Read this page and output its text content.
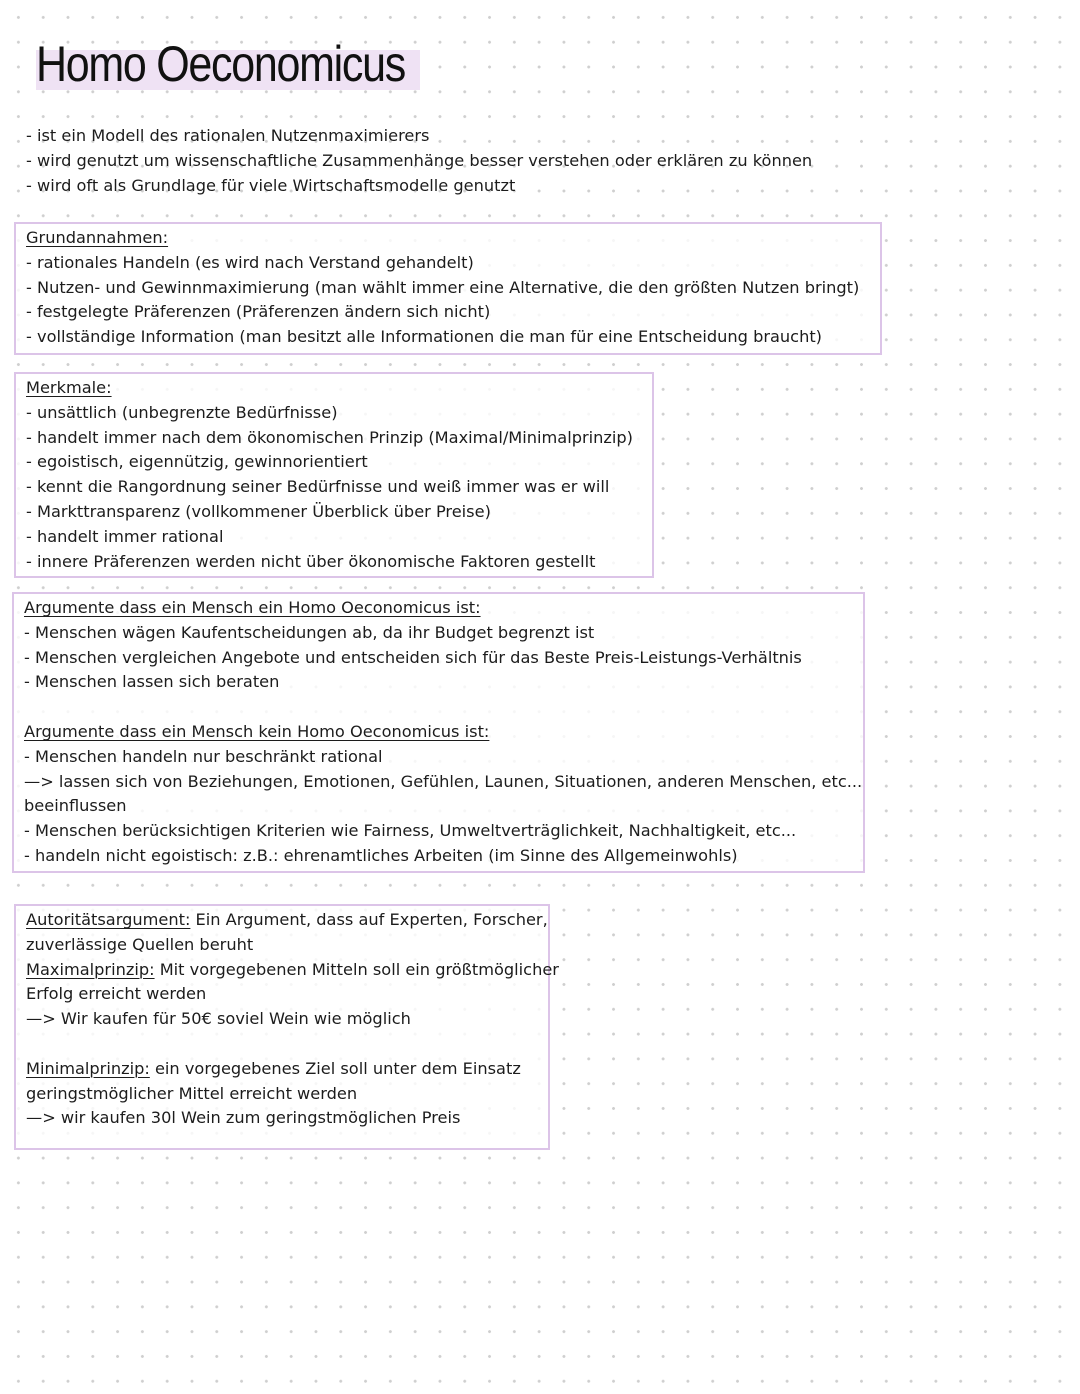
Homo Oeconomicus
- ist ein Modell des rationalen Nutzenmaximierers
- wird genutzt um wissenschaftliche Zusammenhänge besser verstehen oder erklären zu können
- wird oft als Grundlage für viele Wirtschaftsmodelle genutzt
Grundannahmen:
- rationales Handeln (es wird nach Verstand gehandelt)
- Nutzen- und Gewinnmaximierung (man wählt immer eine Alternative, die den größten Nutzen bringt)
- festgelegte Präferenzen (Präferenzen ändern sich nicht)
- vollständige Information (man besitzt alle Informationen die man für eine Entscheidung braucht)
Merkmale:
- unsättlich (unbegrenzte Bedürfnisse)
- handelt immer nach dem ökonomischen Prinzip (Maximal/Minimalprinzip)
- egoistisch, eigennützig, gewinnorientiert
- kennt die Rangordnung seiner Bedürfnisse und weiß immer was er will
- Markttransparenz (vollkommener Überblick über Preise)
- handelt immer rational
- innere Präferenzen werden nicht über ökonomische Faktoren gestellt
Argumente dass ein Mensch ein Homo Oeconomicus ist:
- Menschen wägen Kaufentscheidungen ab, da ihr Budget begrenzt ist
- Menschen vergleichen Angebote und entscheiden sich für das Beste Preis-Leistungs-Verhältnis
- Menschen lassen sich beraten
Argumente dass ein Mensch kein Homo Oeconomicus ist:
- Menschen handeln nur beschränkt rational
—> lassen sich von Beziehungen, Emotionen, Gefühlen, Launen, Situationen, anderen Menschen, etc...
beeinflussen
- Menschen berücksichtigen Kriterien wie Fairness, Umweltverträglichkeit, Nachhaltigkeit, etc...
- handeln nicht egoistisch: z.B.: ehrenamtliches Arbeiten (im Sinne des Allgemeinwohls)
Autoritätsargument: Ein Argument, dass auf Experten, Forscher,
zuverlässige Quellen beruht
Maximalprinzip: Mit vorgegebenen Mitteln soll ein größtmöglicher
Erfolg erreicht werden
—> Wir kaufen für 50€ soviel Wein wie möglich
Minimalprinzip: ein vorgegebenes Ziel soll unter dem Einsatz
geringstmöglicher Mittel erreicht werden
—> wir kaufen 30l Wein zum geringstmöglichen Preis
